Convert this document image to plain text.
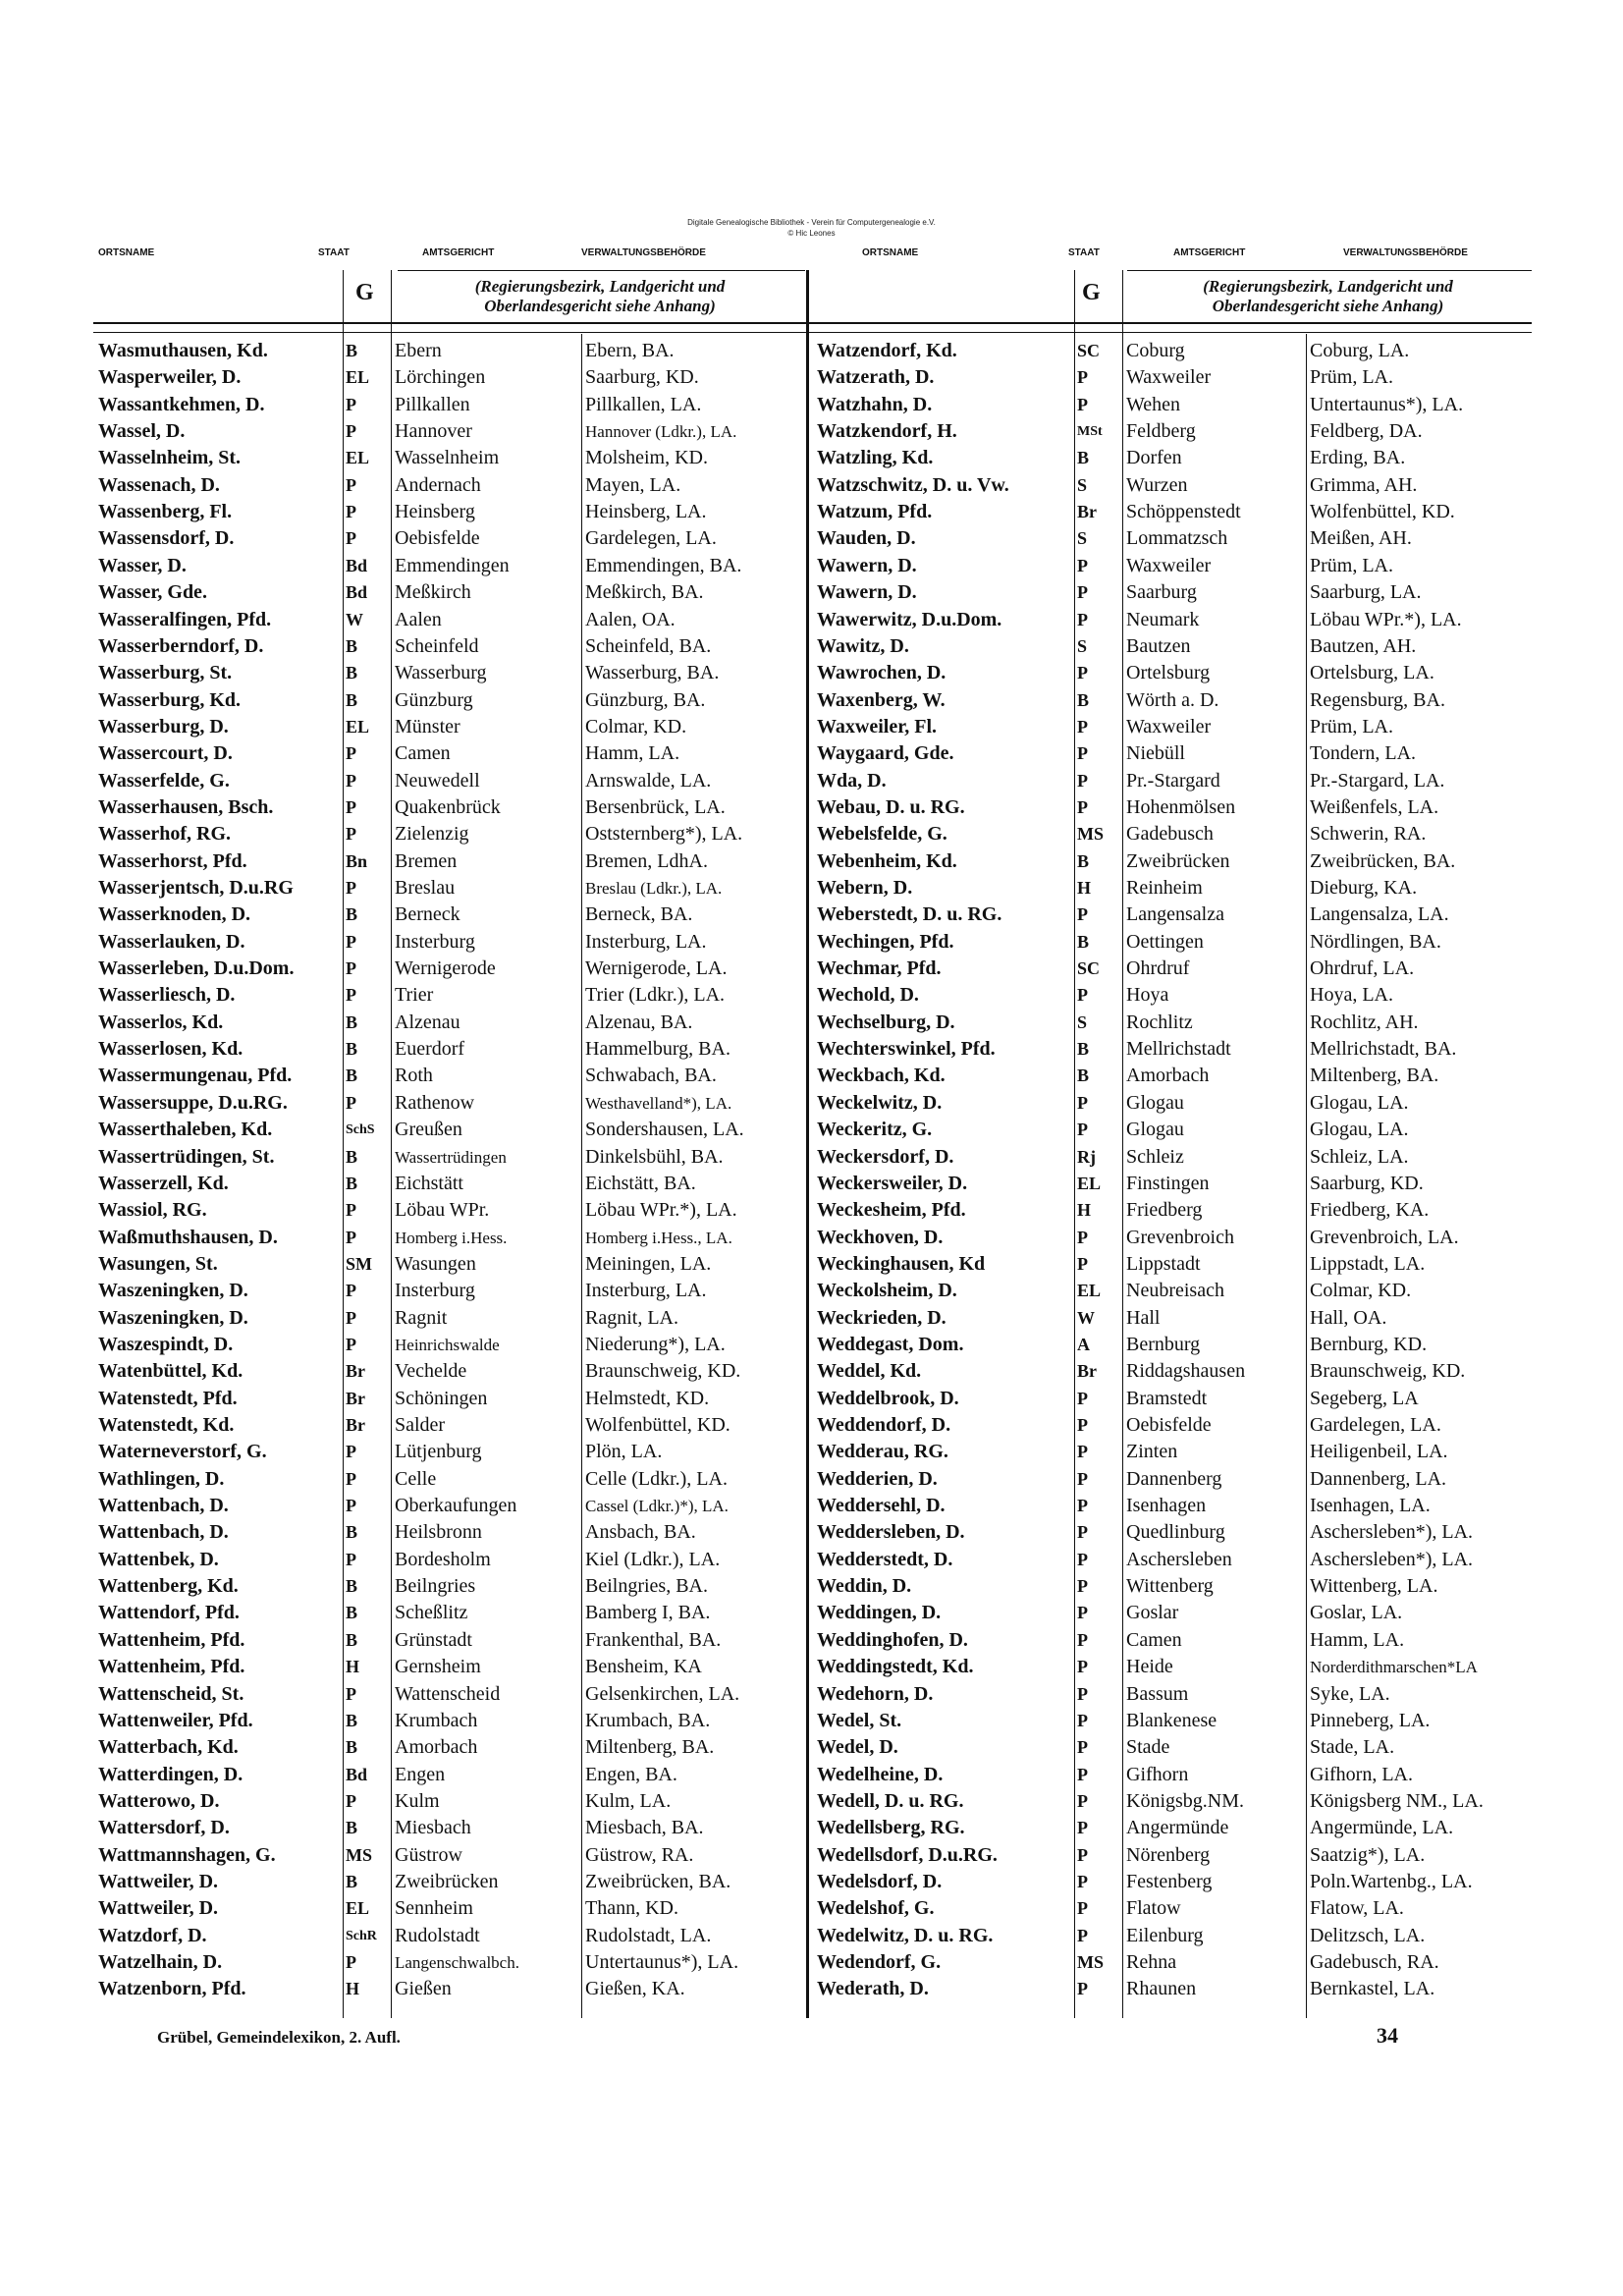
Digitale Genealogische Bibliothek - Verein für Computergenealogie e.V.
© Hic Leones
ORTSNAME	STAAT	AMTSGERICHT	VERWALTUNGSBEHÖRDE	ORTSNAME	STAAT	AMTSGERICHT	VERWALTUNGSBEHÖRDE
G	G
(Regierungsbezirk, Landgericht und
Oberlandesgericht siehe Anhang)
(Regierungsbezirk, Landgericht und
Oberlandesgericht siehe Anhang)
Wasmuthausen, Kd.	B Ebern	Ebern, BA.
Wasperweiler, D.	EL Lörchingen	Saarburg, KD.
Wassantkehmen, D.	P Pillkallen	Pillkallen, LA.
Wassel, D.	P Hannover	Hannover (Ldkr.), LA.
Wasselnheim, St.	EL Wasselnheim	Molsheim, KD.
Wassenach, D.	P Andernach	Mayen, LA.
Wassenberg, Fl.	P Heinsberg	Heinsberg, LA.
Wassensdorf, D.	P Oebisfelde	Gardelegen, LA.
Wasser, D.	Bd Emmendingen	Emmendingen, BA.
Wasser, Gde.	Bd Meßkirch	Meßkirch, BA.
Wasseralfingen, Pfd.	W Aalen	Aalen, OA.
Wasserberndorf, D.	B Scheinfeld	Scheinfeld, BA.
Wasserburg, St.	B Wasserburg	Wasserburg, BA.
Wasserburg, Kd.	B Günzburg	Günzburg, BA.
Wasserburg, D.	EL Münster	Colmar, KD.
Wassercourt, D.	P Camen	Hamm, LA.
Wasserfelde, G.	P Neuwedell	Arnswalde, LA.
Wasserhausen, Bsch.	P Quakenbrück	Bersenbrück, LA.
Wasserhof, RG.	P Zielenzig	Oststernberg*), LA.
Wasserhorst, Pfd.	Bn Bremen	Bremen, LdhA.
Wasserjentsch, D.u.RG	P Breslau	Breslau (Ldkr.), LA.
Wasserknoden, D.	B Berneck	Berneck, BA.
Wasserlauken, D.	P Insterburg	Insterburg, LA.
Wasserleben, D.u.Dom.	P Wernigerode	Wernigerode, LA.
Wasserliesch, D.	P Trier	Trier (Ldkr.), LA.
Wasserlos, Kd.	B Alzenau	Alzenau, BA.
Wasserlosen, Kd.	B Euerdorf	Hammelburg, BA.
Wassermungenau, Pfd.	B Roth	Schwabach, BA.
Wassersuppe, D.u.RG.	P Rathenow	Westhavelland*), LA.
Wasserthaleben, Kd.	SchS Greußen	Sondershausen, LA.
Wassertrüdingen, St.	B Wassertrüdingen	Dinkelsbühl, BA.
Wasserzell, Kd.	B Eichstätt	Eichstätt, BA.
Wassiol, RG.	P Löbau WPr.	Löbau WPr.*), LA.
Waßmuthshausen, D.	P Homberg i.Hess.	Homberg i.Hess., LA.
Wasungen, St.	SM Wasungen	Meiningen, LA.
Waszeningken, D.	P Insterburg	Insterburg, LA.
Waszeningken, D.	P Ragnit	Ragnit, LA.
Waszespindt, D.	P Heinrichswalde	Niederung*), LA.
Watenbüttel, Kd.	Br Vechelde	Braunschweig, KD.
Watenstedt, Pfd.	Br Schöningen	Helmstedt, KD.
Watenstedt, Kd.	Br Salder	Wolfenbüttel, KD.
Waterneverstorf, G.	P Lütjenburg	Plön, LA.
Wathlingen, D.	P Celle	Celle (Ldkr.), LA.
Wattenbach, D.	P Oberkaufungen	Cassel (Ldkr.)*), LA.
Wattenbach, D.	B Heilsbronn	Ansbach, BA.
Wattenbek, D.	P Bordesholm	Kiel (Ldkr.), LA.
Wattenberg, Kd.	B Beilngries	Beilngries, BA.
Wattendorf, Pfd.	B Scheßlitz	Bamberg I, BA.
Wattenheim, Pfd.	B Grünstadt	Frankenthal, BA.
Wattenheim, Pfd.	H Gernsheim	Bensheim, KA
Wattenscheid, St.	P Wattenscheid	Gelsenkirchen, LA.
Wattenweiler, Pfd.	B Krumbach	Krumbach, BA.
Watterbach, Kd.	B Amorbach	Miltenberg, BA.
Watterdingen, D.	Bd Engen	Engen, BA.
Watterowo, D.	P Kulm	Kulm, LA.
Wattersdorf, D.	B Miesbach	Miesbach, BA.
Wattmannshagen, G.	MS Güstrow	Güstrow, RA.
Wattweiler, D.	B Zweibrücken	Zweibrücken, BA.
Wattweiler, D.	EL Sennheim	Thann, KD.
Watzdorf, D.	SchR Rudolstadt	Rudolstadt, LA.
Watzelhain, D.	P Langenschwalbch.	Untertaunus*), LA.
Watzenborn, Pfd.	H Gießen	Gießen, KA.
Watzendorf, Kd.	SC Coburg	Coburg, LA.
Watzerath, D.	P Waxweiler	Prüm, LA.
Watzhahn, D.	P Wehen	Untertaunus*), LA.
Watzkendorf, H.	MSt Feldberg	Feldberg, DA.
Watzling, Kd.	B Dorfen	Erding, BA.
Watzschwitz, D. u. Vw.	S Wurzen	Grimma, AH.
Watzum, Pfd.	Br Schöppenstedt	Wolfenbüttel, KD.
Wauden, D.	S Lommatzsch	Meißen, AH.
Wawern, D.	P Waxweiler	Prüm, LA.
Wawern, D.	P Saarburg	Saarburg, LA.
Wawerwitz, D.u.Dom.	P Neumark	Löbau WPr.*), LA.
Wawitz, D.	S Bautzen	Bautzen, AH.
Wawrochen, D.	P Ortelsburg	Ortelsburg, LA.
Waxenberg, W.	B Wörth a. D.	Regensburg, BA.
Waxweiler, Fl.	P Waxweiler	Prüm, LA.
Waygaard, Gde.	P Niebüll	Tondern, LA.
Wda, D.	P Pr.-Stargard	Pr.-Stargard, LA.
Webau, D. u. RG.	P Hohenmölsen	Weißenfels, LA.
Webelsfelde, G.	MS Gadebusch	Schwerin, RA.
Webenheim, Kd.	B Zweibrücken	Zweibrücken, BA.
Webern, D.	H Reinheim	Dieburg, KA.
Weberstedt, D. u. RG.	P Langensalza	Langensalza, LA.
Wechingen, Pfd.	B Oettingen	Nördlingen, BA.
Wechmar, Pfd.	SC Ohrdruf	Ohrdruf, LA.
Wechold, D.	P Hoya	Hoya, LA.
Wechselburg, D.	S Rochlitz	Rochlitz, AH.
Wechterswinkel, Pfd.	B Mellrichstadt	Mellrichstadt, BA.
Weckbach, Kd.	B Amorbach	Miltenberg, BA.
Weckelwitz, D.	P Glogau	Glogau, LA.
Weckeritz, G.	P Glogau	Glogau, LA.
Weckersdorf, D.	Rj Schleiz	Schleiz, LA.
Weckersweiler, D.	EL Finstingen	Saarburg, KD.
Weckesheim, Pfd.	H Friedberg	Friedberg, KA.
Weckhoven, D.	P Grevenbroich	Grevenbroich, LA.
Weckinghausen, Kd	P Lippstadt	Lippstadt, LA.
Weckolsheim, D.	EL Neubreisach	Colmar, KD.
Weckrieden, D.	W Hall	Hall, OA.
Weddegast, Dom.	A Bernburg	Bernburg, KD.
Weddel, Kd.	Br Riddagshausen	Braunschweig, KD.
Weddelbrook, D.	P Bramstedt	Segeberg, LA
Weddendorf, D.	P Oebisfelde	Gardelegen, LA.
Wedderau, RG.	P Zinten	Heiligenbeil, LA.
Wedderien, D.	P Dannenberg	Dannenberg, LA.
Weddersehl, D.	P Isenhagen	Isenhagen, LA.
Weddersleben, D.	P Quedlinburg	Aschersleben*), LA.
Wedderstedt, D.	P Aschersleben	Aschersleben*), LA.
Weddin, D.	P Wittenberg	Wittenberg, LA.
Weddingen, D.	P Goslar	Goslar, LA.
Weddinghofen, D.	P Camen	Hamm, LA.
Weddingstedt, Kd.	P Heide	Norderdithmarschen*LA
Wedehorn, D.	P Bassum	Syke, LA.
Wedel, St.	P Blankenese	Pinneberg, LA.
Wedel, D.	P Stade	Stade, LA.
Wedelheine, D.	P Gifhorn	Gifhorn, LA.
Wedell, D. u. RG.	P Königsbg.NM.	Königsberg NM., LA.
Wedellsberg, RG.	P Angermünde	Angermünde, LA.
Wedellsdorf, D.u.RG.	P Nörenberg	Saatzig*), LA.
Wedelsdorf, D.	P Festenberg	Poln.Wartenbg., LA.
Wedelshof, G.	P Flatow	Flatow, LA.
Wedelwitz, D. u. RG.	P Eilenburg	Delitzsch, LA.
Wedendorf, G.	MS Rehna	Gadebusch, RA.
Wederath, D.	P Rhaunen	Bernkastel, LA.
Grübel, Gemeindelexikon, 2. Aufl.	34
